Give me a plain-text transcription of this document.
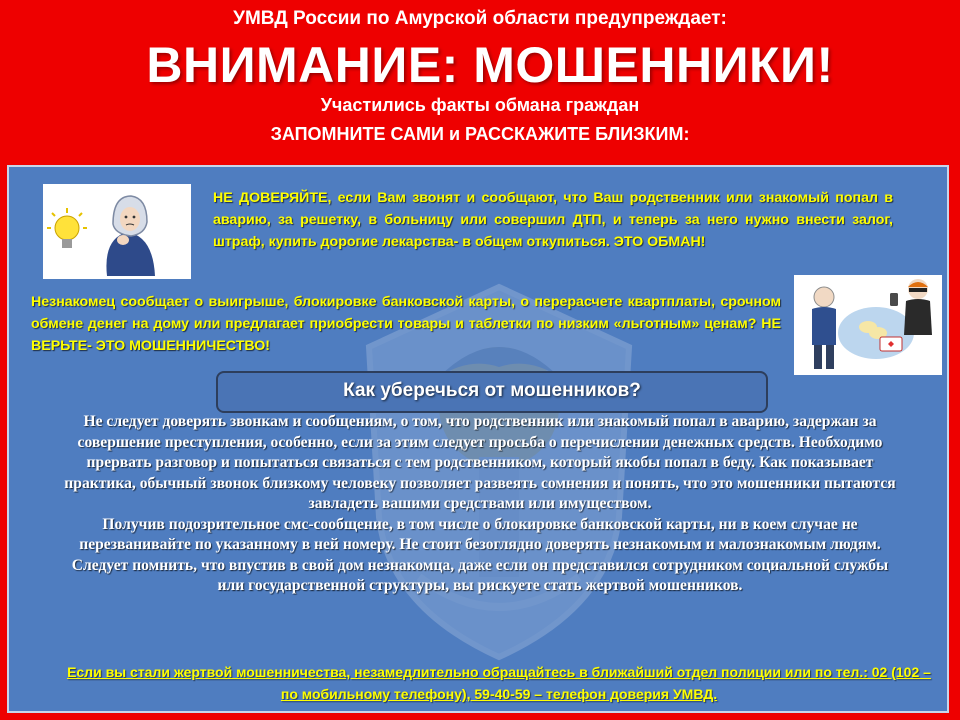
УМВД России по Амурской области предупреждает:
ВНИМАНИЕ: МОШЕННИКИ!
Участились факты обмана граждан
ЗАПОМНИТЕ САМИ и РАССКАЖИТЕ БЛИЗКИМ:
НЕ ДОВЕРЯЙТЕ, если Вам звонят и сообщают, что Ваш родственник или знакомый попал в аварию, за решетку, в больницу или совершил ДТП, и теперь за него нужно внести залог, штраф, купить дорогие лекарства- в общем откупиться. ЭТО ОБМАН!
Незнакомец сообщает о выигрыше, блокировке банковской карты, о перерасчете квартплаты, срочном обмене денег на дому или предлагает приобрести товары и таблетки по низким «льготным» ценам? НЕ ВЕРЬТЕ- ЭТО МОШЕННИЧЕСТВО!
Как уберечься от мошенников?

Не следует доверять звонкам и сообщениям, о том, что родственник или знакомый попал в аварию, задержан за совершение преступления, особенно, если за этим следует просьба о перечислении денежных средств. Необходимо прервать разговор и попытаться связаться с тем родственником, который якобы попал в беду. Как показывает практика, обычный звонок близкому человеку позволяет развеять сомнения и понять, что это мошенники пытаются завладеть вашими средствами или имуществом.

Получив подозрительное смс-сообщение, в том числе о блокировке банковской карты, ни в коем случае не перезванивайте по указанному в ней номеру. Не стоит безоглядно доверять незнакомым и малознакомым людям. Следует помнить, что впустив в свой дом незнакомца, даже если он представился сотрудником социальной службы или государственной структуры, вы рискуете стать жертвой мошенников.

Если вы стали жертвой мошенничества, незамедлительно обращайтесь в ближайший отдел полиции или по тел.: 02 (102 – по мобильному телефону), 59-40-59 – телефон доверия УМВД.
